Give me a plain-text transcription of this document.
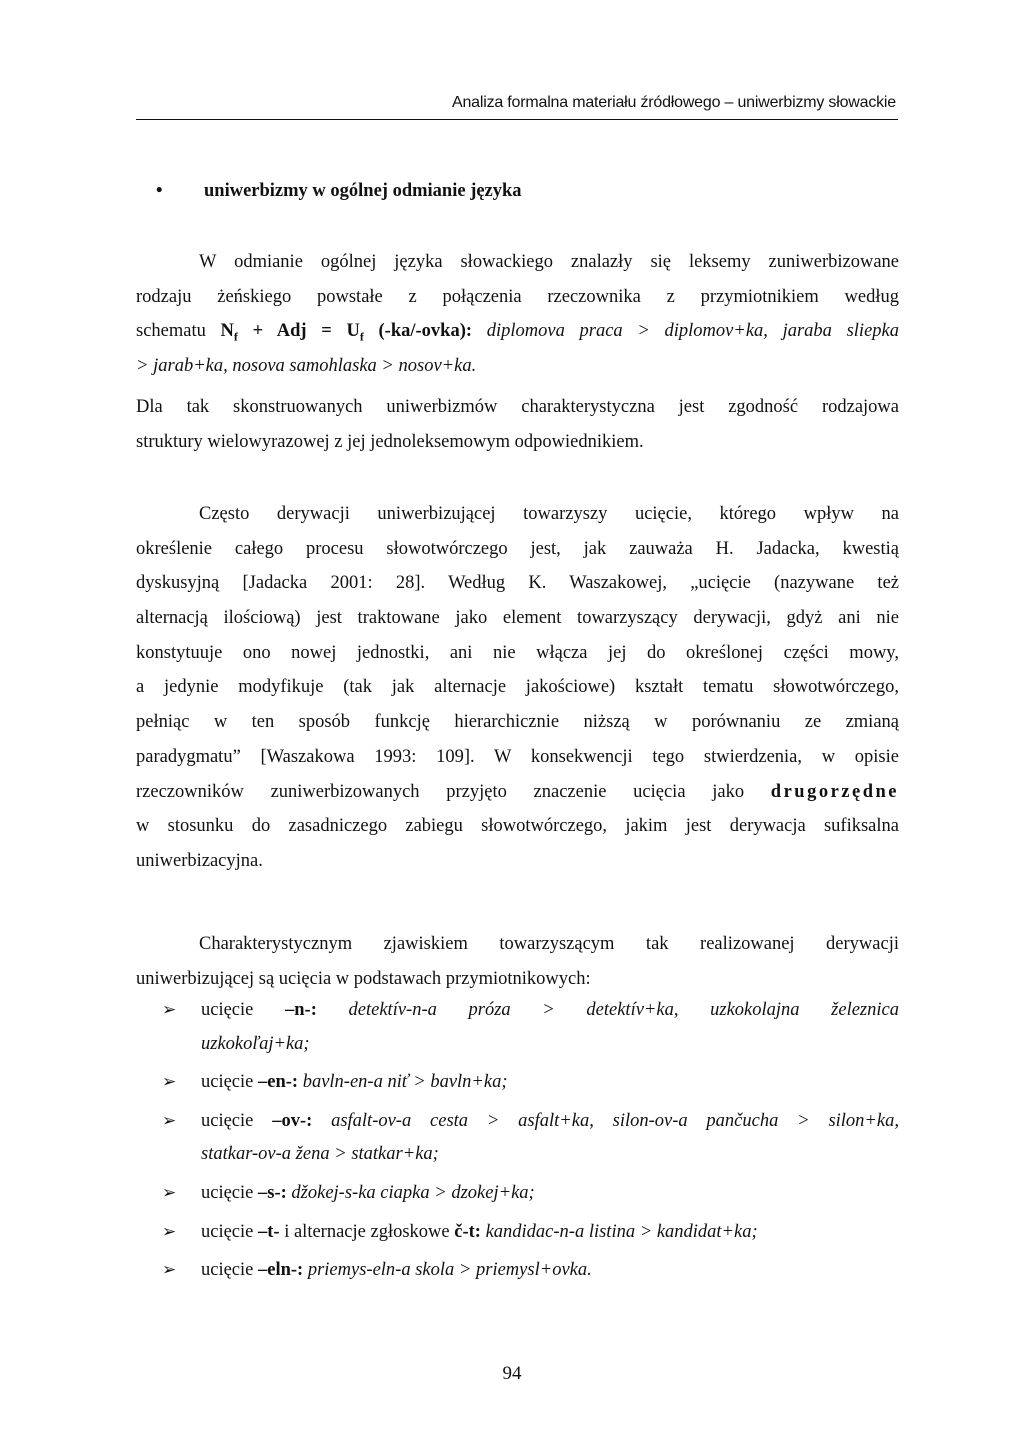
Analiza formalna materiału źródłowego – uniwerbizmy słowackie
• uniwerbizmy w ogólnej odmianie języka
W odmianie ogólnej języka słowackiego znalazły się leksemy zuniwerbizowane
rodzaju żeńskiego powstałe z połączenia rzeczownika z przymiotnikiem według
schematu $N_f$ + Adj = $U_f$ (-ka/-ovka): diplomova praca > diplomov+ka, jaraba sliepka
> jarab+ka, nosova samohlaska > nosov+ka.
Dla tak skonstruowanych uniwerbizmów charakterystyczna jest zgodność rodzajowa
struktury wielowyrazowej z jej jednoleksemowym odpowiednikiem.
Często derywacji uniwerbizującej towarzyszy ucięcie, którego wpływ na
określenie całego procesu słowotwórczego jest, jak zauważa H. Jadacka, kwestią
dyskusyjną [Jadacka 2001: 28]. Według K. Waszakowej, „ucięcie (nazywane też
alternacją ilościową) jest traktowane jako element towarzyszący derywacji, gdyż ani nie
konstytuuje ono nowej jednostki, ani nie włącza jej do określonej części mowy,
a jedynie modyfikuje (tak jak alternacje jakościowe) kształt tematu słowotwórczego,
pełniąc w ten sposób funkcję hierarchicznie niższą w porównaniu ze zmianą
paradygmatu” [Waszakowa 1993: 109]. W konsekwencji tego stwierdzenia, w opisie
rzeczowników zuniwerbizowanych przyjęto znaczenie ucięcia jako drugorzędne
w stosunku do zasadniczego zabiegu słowotwórczego, jakim jest derywacja sufiksalna
uniwerbizacyjna.
Charakterystycznym zjawiskiem towarzyszącym tak realizowanej derywacji
uniwerbizującej są ucięcia w podstawach przymiotnikowych:
➢ ucięcie –n-: detektív-n-a próza > detektív+ka, uzkokolajna železnica
uzkokoľaj+ka;
➢ ucięcie –en-: bavln-en-a niť > bavln+ka;
➢ ucięcie –ov-: asfalt-ov-a cesta > asfalt+ka, silon-ov-a pančucha > silon+ka,
statkar-ov-a žena > statkar+ka;
➢ ucięcie –s-: džokej-s-ka ciapka > dzokej+ka;
➢ ucięcie –t- i alternacje zgłoskowe č-t: kandidac-n-a listina > kandidat+ka;
➢ ucięcie –eln-: priemys-eln-a skola > priemysl+ovka.
94
